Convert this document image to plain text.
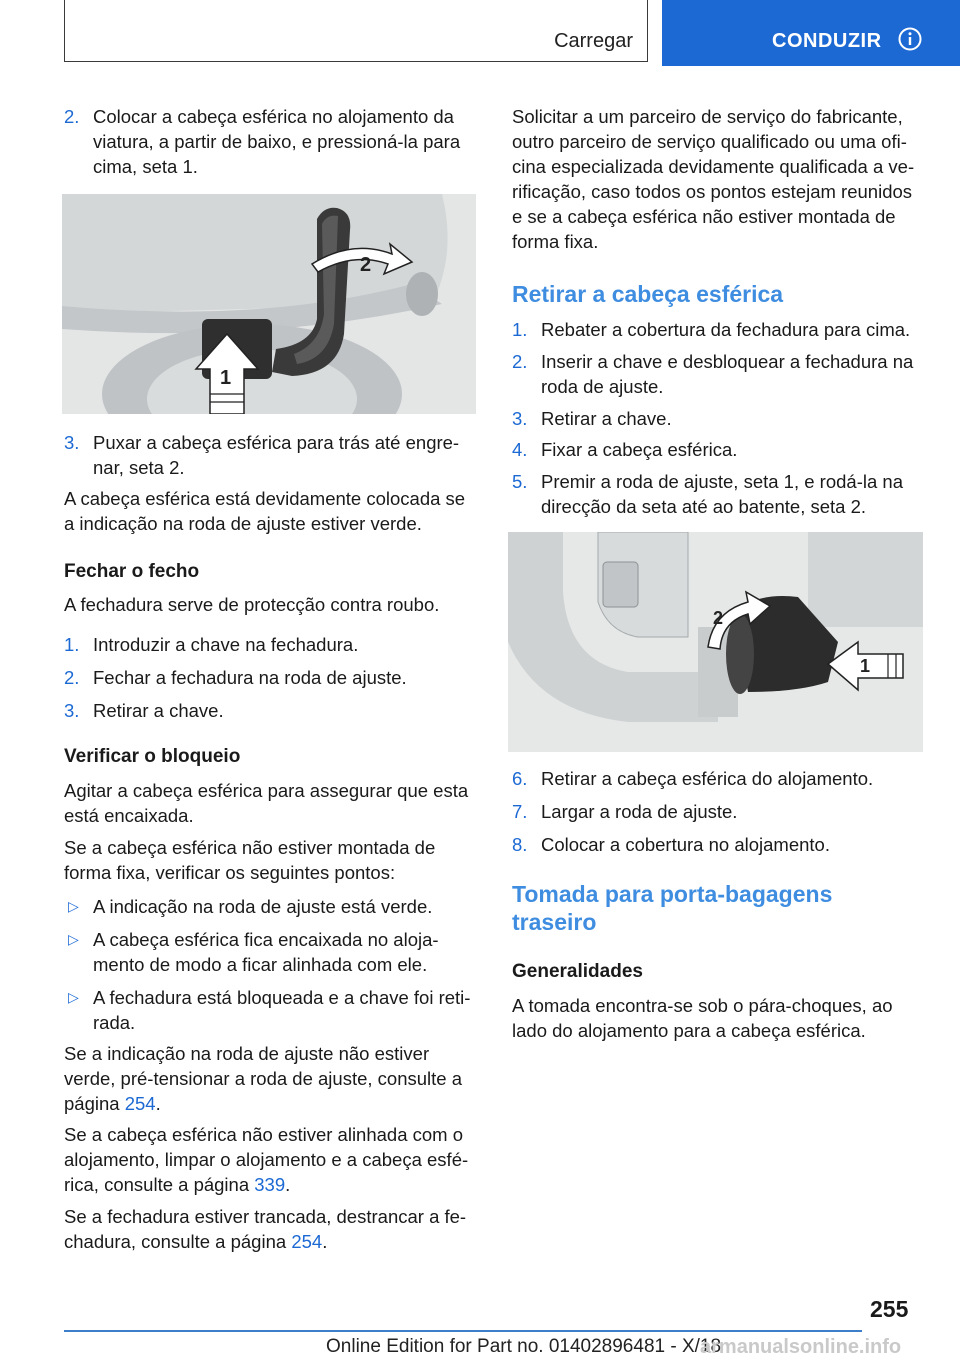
Carregar	CONDUZIR
2. Colocar a cabeça esférica no alojamento da
viatura, a partir de baixo, e pressioná-la para
cima, seta 1.
2
1
3. Puxar a cabeça esférica para trás até engre‐
nar, seta 2.
A cabeça esférica está devidamente colocada se
a indicação na roda de ajuste estiver verde.
Fechar o fecho
A fechadura serve de protecção contra roubo.
1. Introduzir a chave na fechadura.
2. Fechar a fechadura na roda de ajuste.
3. Retirar a chave.
Verificar o bloqueio
Agitar a cabeça esférica para assegurar que esta
está encaixada.
Se a cabeça esférica não estiver montada de
forma fixa, verificar os seguintes pontos:
▷ A indicação na roda de ajuste está verde.
▷ A cabeça esférica fica encaixada no aloja‐
mento de modo a ficar alinhada com ele.
▷ A fechadura está bloqueada e a chave foi reti‐
rada.
Se a indicação na roda de ajuste não estiver
verde, pré-tensionar a roda de ajuste, consulte a
página 254.
Se a cabeça esférica não estiver alinhada com o
alojamento, limpar o alojamento e a cabeça esfé‐
rica, consulte a página 339.
Se a fechadura estiver trancada, destrancar a fe‐
chadura, consulte a página 254.
Solicitar a um parceiro de serviço do fabricante,
outro parceiro de serviço qualificado ou uma ofi‐
cina especializada devidamente qualificada a ve‐
rificação, caso todos os pontos estejam reunidos
e se a cabeça esférica não estiver montada de
forma fixa.
Retirar a cabeça esférica
1. Rebater a cobertura da fechadura para cima.
2. Inserir a chave e desbloquear a fechadura na
roda de ajuste.
3. Retirar a chave.
4. Fixar a cabeça esférica.
5. Premir a roda de ajuste, seta 1, e rodá-la na
direcção da seta até ao batente, seta 2.
2
1
6. Retirar a cabeça esférica do alojamento.
7. Largar a roda de ajuste.
8. Colocar a cobertura no alojamento.
Tomada para porta-bagagens
traseiro
Generalidades
A tomada encontra-se sob o pára-choques, ao
lado do alojamento para a cabeça esférica.
255
Online Edition for Part no. 01402896481 - X/18
armanualsonline.info
